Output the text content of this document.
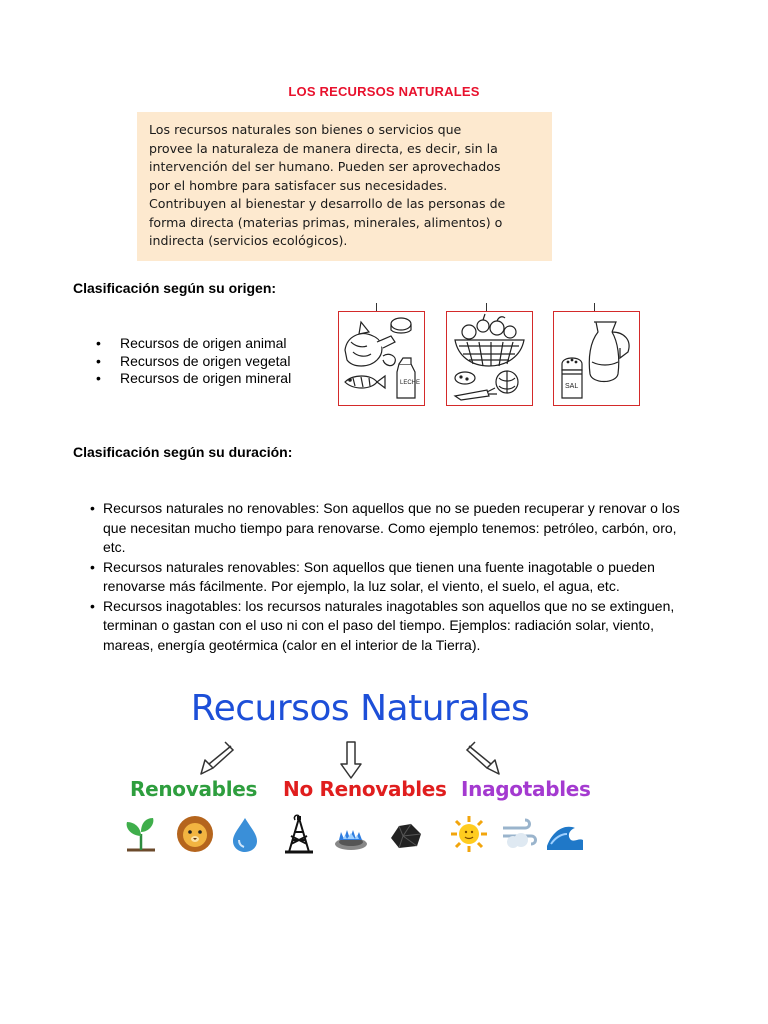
LOS RECURSOS NATURALES
Los recursos naturales son bienes o servicios que
provee la naturaleza de manera directa, es decir, sin la
intervención del ser humano. Pueden ser aprovechados
por el hombre para satisfacer sus necesidades.
Contribuyen al bienestar y desarrollo de las personas de
forma directa (materias primas, minerales, alimentos) o
indirecta (servicios ecológicos).
Clasificación según su origen:
• Recursos de origen animal
• Recursos de origen vegetal
• Recursos de origen mineral	LECHE	SAL
Clasificación según su duración:
• Recursos naturales no renovables: Son aquellos que no se pueden recuperar y renovar o los que necesitan mucho tiempo para renovarse. Como ejemplo tenemos: petróleo, carbón, oro, etc.
• Recursos naturales renovables: Son aquellos que tienen una fuente inagotable o pueden renovarse más fácilmente. Por ejemplo, la luz solar, el viento, el suelo, el agua, etc.
• Recursos inagotables: los recursos naturales inagotables son aquellos que no se extinguen, terminan o gastan con el uso ni con el paso del tiempo. Ejemplos: radiación solar, viento, mareas, energía geotérmica (calor en el interior de la Tierra).
Recursos Naturales
Renovables No Renovables Inagotables
